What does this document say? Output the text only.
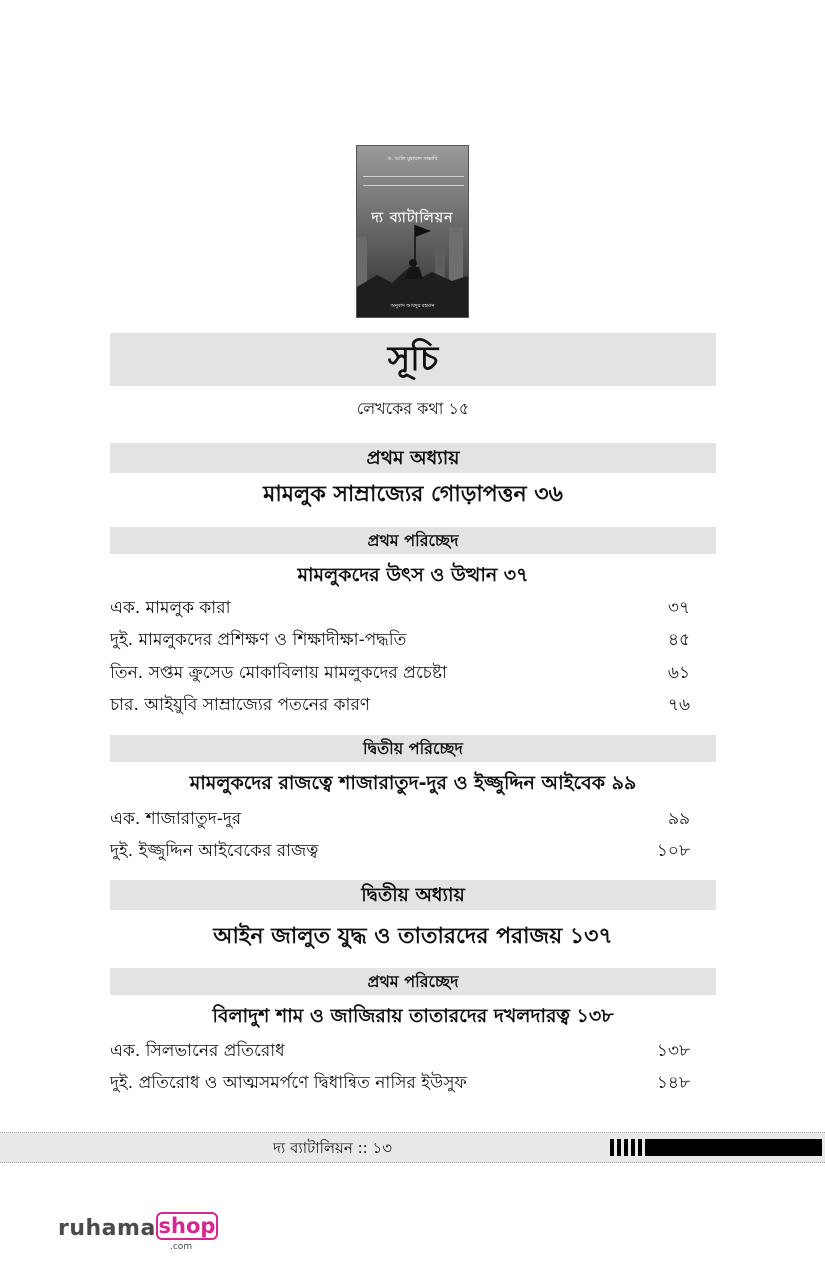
ড. আলি মুহাম্মাদ সাল্লাবি
দ্য ব্যাটালিয়ন
অনুবাদ আবদুর রহমান
সূচি
লেখকের কথা ১৫
প্রথম অধ্যায়
মামলুক সাম্রাজ্যের গোড়াপত্তন ৩৬
প্রথম পরিচ্ছেদ
মামলুকদের উৎস ও উত্থান ৩৭
এক. মামলুক কারা	৩৭
দুই. মামলুকদের প্রশিক্ষণ ও শিক্ষাদীক্ষা-পদ্ধতি	৪৫
তিন. সপ্তম ক্রুসেড মোকাবিলায় মামলুকদের প্রচেষ্টা	৬১
চার. আইয়ুবি সাম্রাজ্যের পতনের কারণ	৭৬
দ্বিতীয় পরিচ্ছেদ
মামলুকদের রাজত্বে শাজারাতুদ-দুর ও ইজ্জুদ্দিন আইবেক ৯৯
এক. শাজারাতুদ-দুর	৯৯
দুই. ইজ্জুদ্দিন আইবেকের রাজত্ব	১০৮
দ্বিতীয় অধ্যায়
আইন জালুত যুদ্ধ ও তাতারদের পরাজয় ১৩৭
প্রথম পরিচ্ছেদ
বিলাদুশ শাম ও জাজিরায় তাতারদের দখলদারত্ব ১৩৮
এক. সিলভানের প্রতিরোধ	১৩৮
দুই. প্রতিরোধ ও আত্মসমর্পণে দ্বিধান্বিত নাসির ইউসুফ	১৪৮
দ্য ব্যাটালিয়ন :: ১৩
ruhama shop
.com
